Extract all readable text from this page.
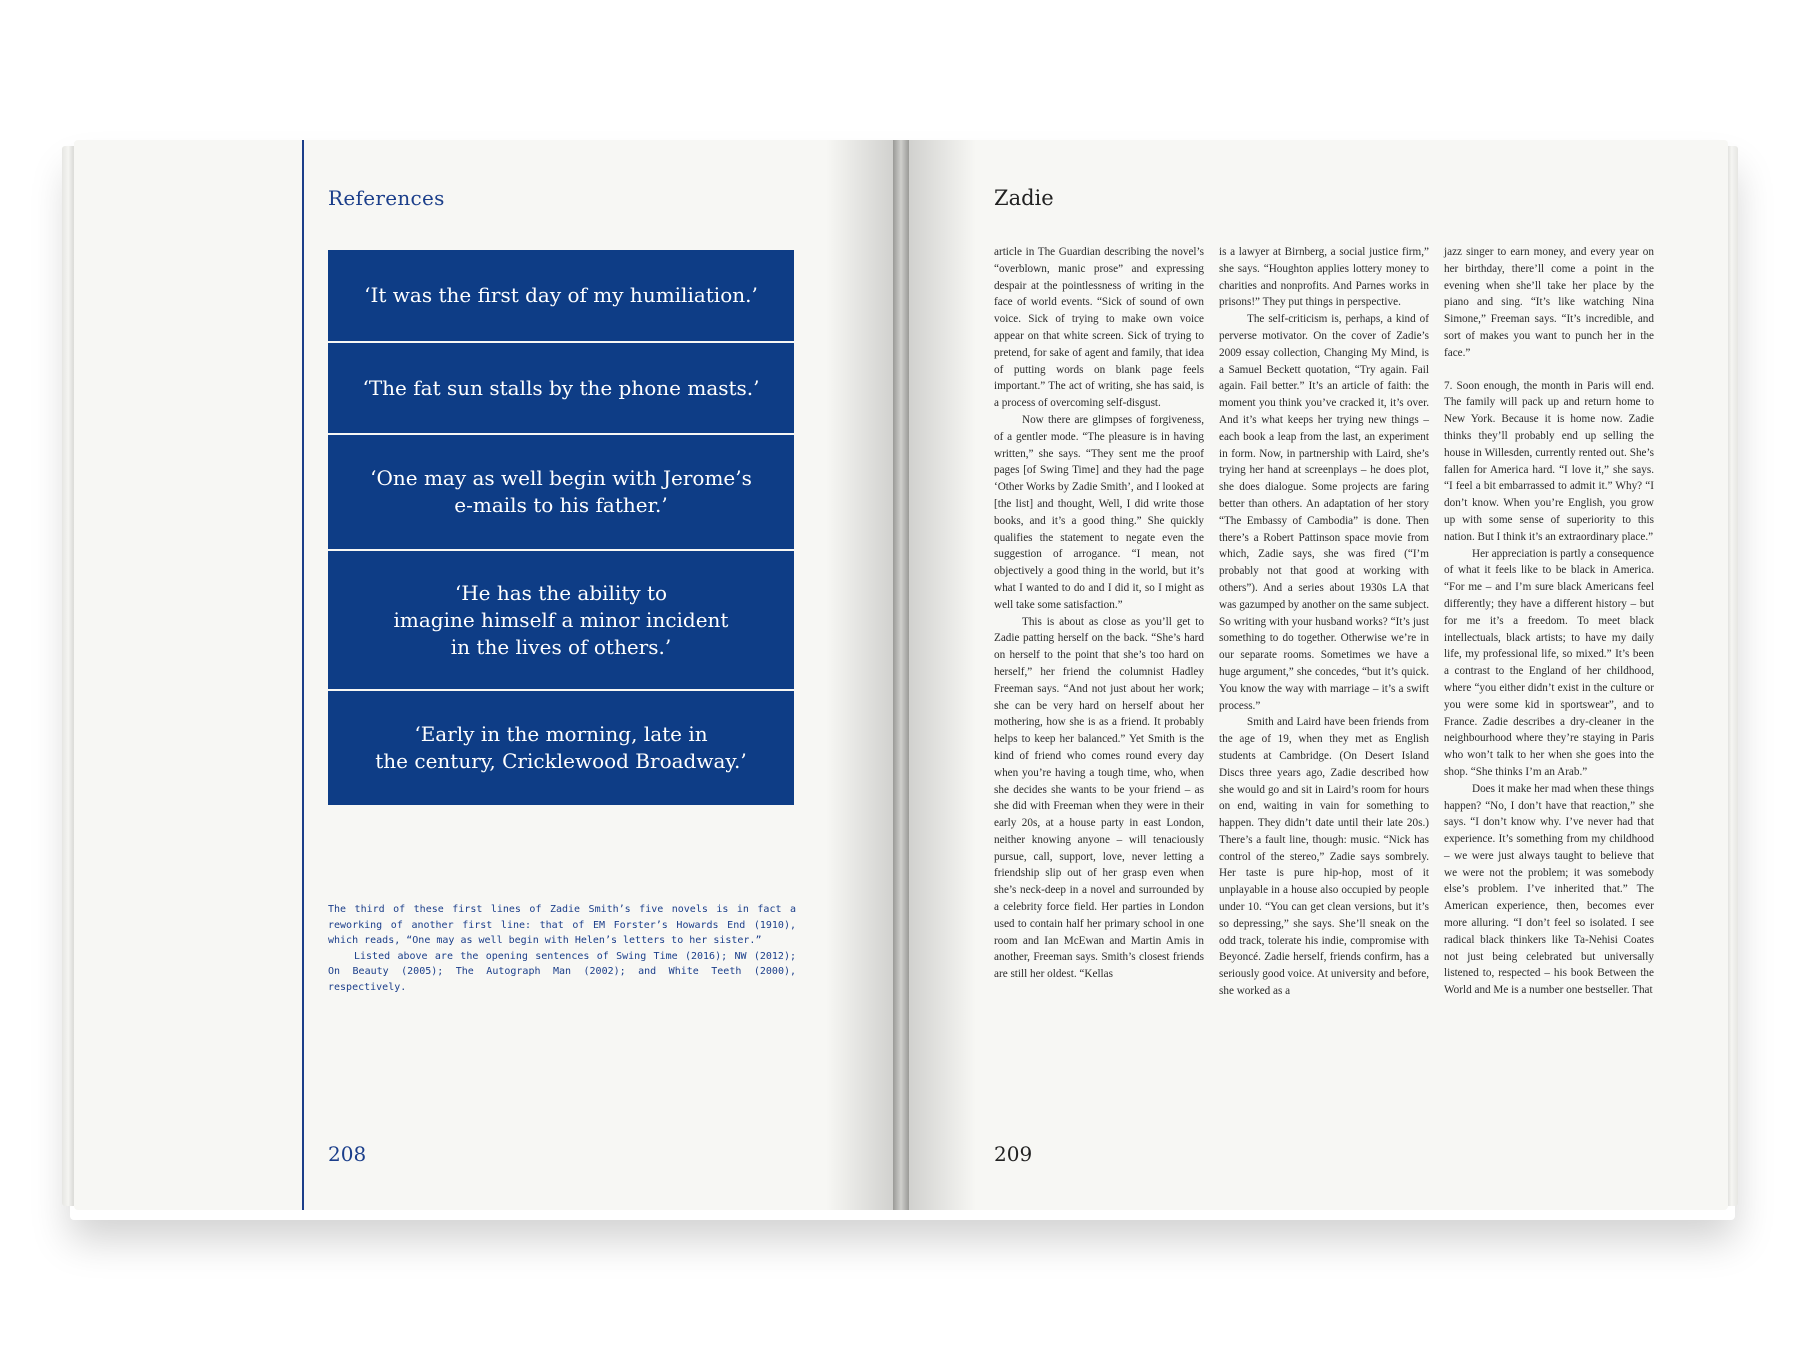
References
‘It was the first day of my humiliation.’
‘The fat sun stalls by the phone masts.’
‘One may as well begin with Jerome’s
e-mails to his father.’
‘He has the ability to
imagine himself a minor incident
in the lives of others.’
‘Early in the morning, late in
the century, Cricklewood Broadway.’

The third of these first lines of Zadie Smith’s five novels is in fact a reworking of another first line: that of EM Forster’s Howards End (1910), which reads, “One may as well begin with Helen’s letters to her sister.”

Listed above are the opening sentences of Swing Time (2016); NW (2012); On Beauty (2005); The Autograph Man (2002); and White Teeth (2000), respectively.

208
Zadie

article in The Guardian describing the novel’s “overblown, manic prose” and expressing despair at the pointlessness of writing in the face of world events. “Sick of sound of own voice. Sick of trying to make own voice appear on that white screen. Sick of trying to pretend, for sake of agent and family, that idea of putting words on blank page feels important.” The act of writing, she has said, is a process of overcoming self-disgust.

Now there are glimpses of forgiveness, of a gentler mode. “The pleasure is in having written,” she says. “They sent me the proof pages [of Swing Time] and they had the page ‘Other Works by Zadie Smith’, and I looked at [the list] and thought, Well, I did write those books, and it’s a good thing.” She quickly qualifies the statement to negate even the suggestion of arrogance. “I mean, not objectively a good thing in the world, but it’s what I wanted to do and I did it, so I might as well take some satisfaction.”

This is about as close as you’ll get to Zadie patting herself on the back. “She’s hard on herself to the point that she’s too hard on herself,” her friend the columnist Hadley Freeman says. “And not just about her work; she can be very hard on herself about her mothering, how she is as a friend. It probably helps to keep her balanced.” Yet Smith is the kind of friend who comes round every day when you’re having a tough time, who, when she decides she wants to be your friend – as she did with Freeman when they were in their early 20s, at a house party in east London, neither knowing anyone – will tenaciously pursue, call, support, love, never letting a friendship slip out of her grasp even when she’s neck-deep in a novel and surrounded by a celebrity force field. Her parties in London used to contain half her primary school in one room and Ian McEwan and Martin Amis in another, Freeman says. Smith’s closest friends are still her oldest. “Kellas

is a lawyer at Birnberg, a social justice firm,” she says. “Houghton applies lottery money to charities and nonprofits. And Parnes works in prisons!” They put things in perspective.

The self-criticism is, perhaps, a kind of perverse motivator. On the cover of Zadie’s 2009 essay collection, Changing My Mind, is a Samuel Beckett quotation, “Try again. Fail again. Fail better.” It’s an article of faith: the moment you think you’ve cracked it, it’s over. And it’s what keeps her trying new things – each book a leap from the last, an experiment in form. Now, in partnership with Laird, she’s trying her hand at screenplays – he does plot, she does dialogue. Some projects are faring better than others. An adaptation of her story “The Embassy of Cambodia” is done. Then there’s a Robert Pattinson space movie from which, Zadie says, she was fired (“I’m probably not that good at working with others”). And a series about 1930s LA that was gazumped by another on the same subject. So writing with your husband works? “It’s just something to do together. Otherwise we’re in our separate rooms. Sometimes we have a huge argument,” she concedes, “but it’s quick. You know the way with marriage – it’s a swift process.”

Smith and Laird have been friends from the age of 19, when they met as English students at Cambridge. (On Desert Island Discs three years ago, Zadie described how she would go and sit in Laird’s room for hours on end, waiting in vain for something to happen. They didn’t date until their late 20s.) There’s a fault line, though: music. “Nick has control of the stereo,” Zadie says sombrely. Her taste is pure hip-hop, most of it unplayable in a house also occupied by people under 10. “You can get clean versions, but it’s so depressing,” she says. She’ll sneak on the odd track, tolerate his indie, compromise with Beyoncé. Zadie herself, friends confirm, has a seriously good voice. At university and before, she worked as a

jazz singer to earn money, and every year on her birthday, there’ll come a point in the evening when she’ll take her place by the piano and sing. “It’s like watching Nina Simone,” Freeman says. “It’s incredible, and sort of makes you want to punch her in the face.”

7. Soon enough, the month in Paris will end. The family will pack up and return home to New York. Because it is home now. Zadie thinks they’ll probably end up selling the house in Willesden, currently rented out. She’s fallen for America hard. “I love it,” she says. “I feel a bit embarrassed to admit it.” Why? “I don’t know. When you’re English, you grow up with some sense of superiority to this nation. But I think it’s an extraordinary place.”

Her appreciation is partly a consequence of what it feels like to be black in America. “For me – and I’m sure black Americans feel differently; they have a different history – but for me it’s a freedom. To meet black intellectuals, black artists; to have my daily life, my professional life, so mixed.” It’s been a contrast to the England of her childhood, where “you either didn’t exist in the culture or you were some kid in sportswear”, and to France. Zadie describes a dry-cleaner in the neighbourhood where they’re staying in Paris who won’t talk to her when she goes into the shop. “She thinks I’m an Arab.”

Does it make her mad when these things happen? “No, I don’t have that reaction,” she says. “I don’t know why. I’ve never had that experience. It’s something from my childhood – we were just always taught to believe that we were not the problem; it was somebody else’s problem. I’ve inherited that.” The American experience, then, becomes ever more alluring. “I don’t feel so isolated. I see radical black thinkers like Ta-Nehisi Coates not just being celebrated but universally listened to, respected – his book Between the World and Me is a number one bestseller. That

209
